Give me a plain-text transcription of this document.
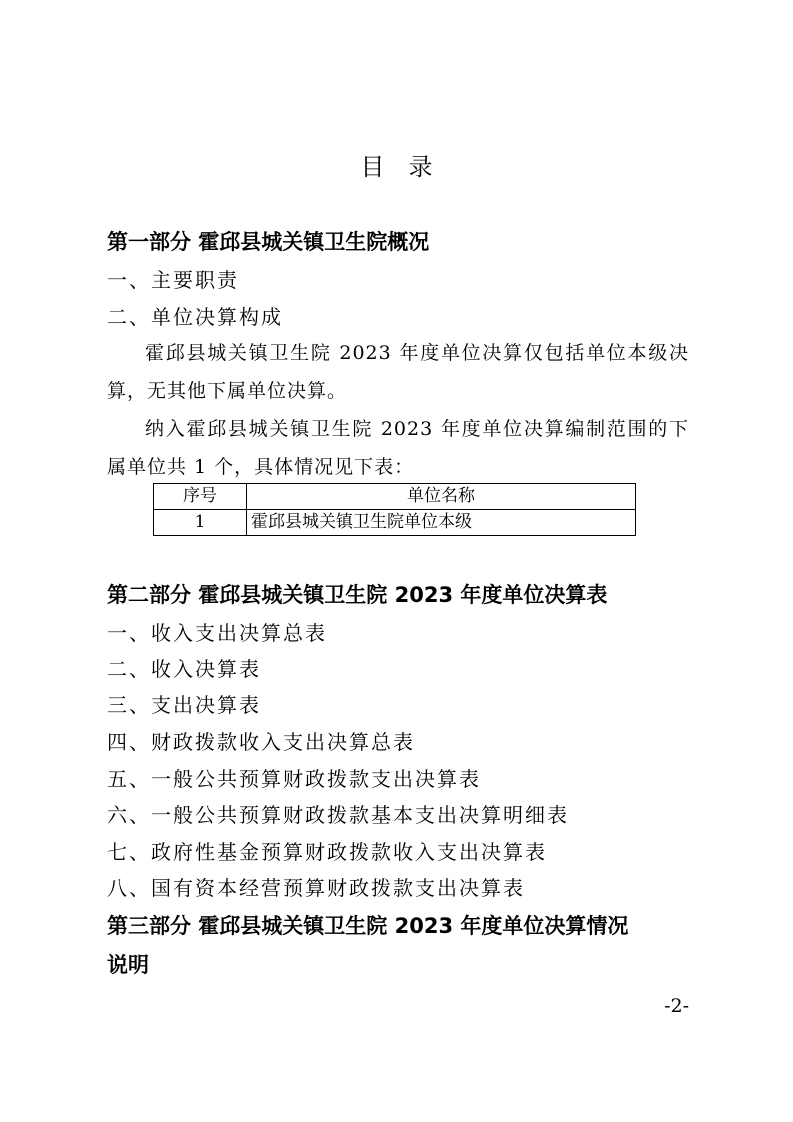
目录
第一部分 霍邱县城关镇卫生院概况
一、主要职责
二、单位决算构成
霍邱县城关镇卫生院 2023 年度单位决算仅包括单位本级决算，无其他下属单位决算。
纳入霍邱县城关镇卫生院 2023 年度单位决算编制范围的下属单位共 1 个，具体情况见下表：
序号	单位名称
1	霍邱县城关镇卫生院单位本级
第二部分 霍邱县城关镇卫生院 2023 年度单位决算表
一、收入支出决算总表
二、收入决算表
三、支出决算表
四、财政拨款收入支出决算总表
五、一般公共预算财政拨款支出决算表
六、一般公共预算财政拨款基本支出决算明细表
七、政府性基金预算财政拨款收入支出决算表
八、国有资本经营预算财政拨款支出决算表
第三部分 霍邱县城关镇卫生院 2023 年度单位决算情况
说明
-2-
